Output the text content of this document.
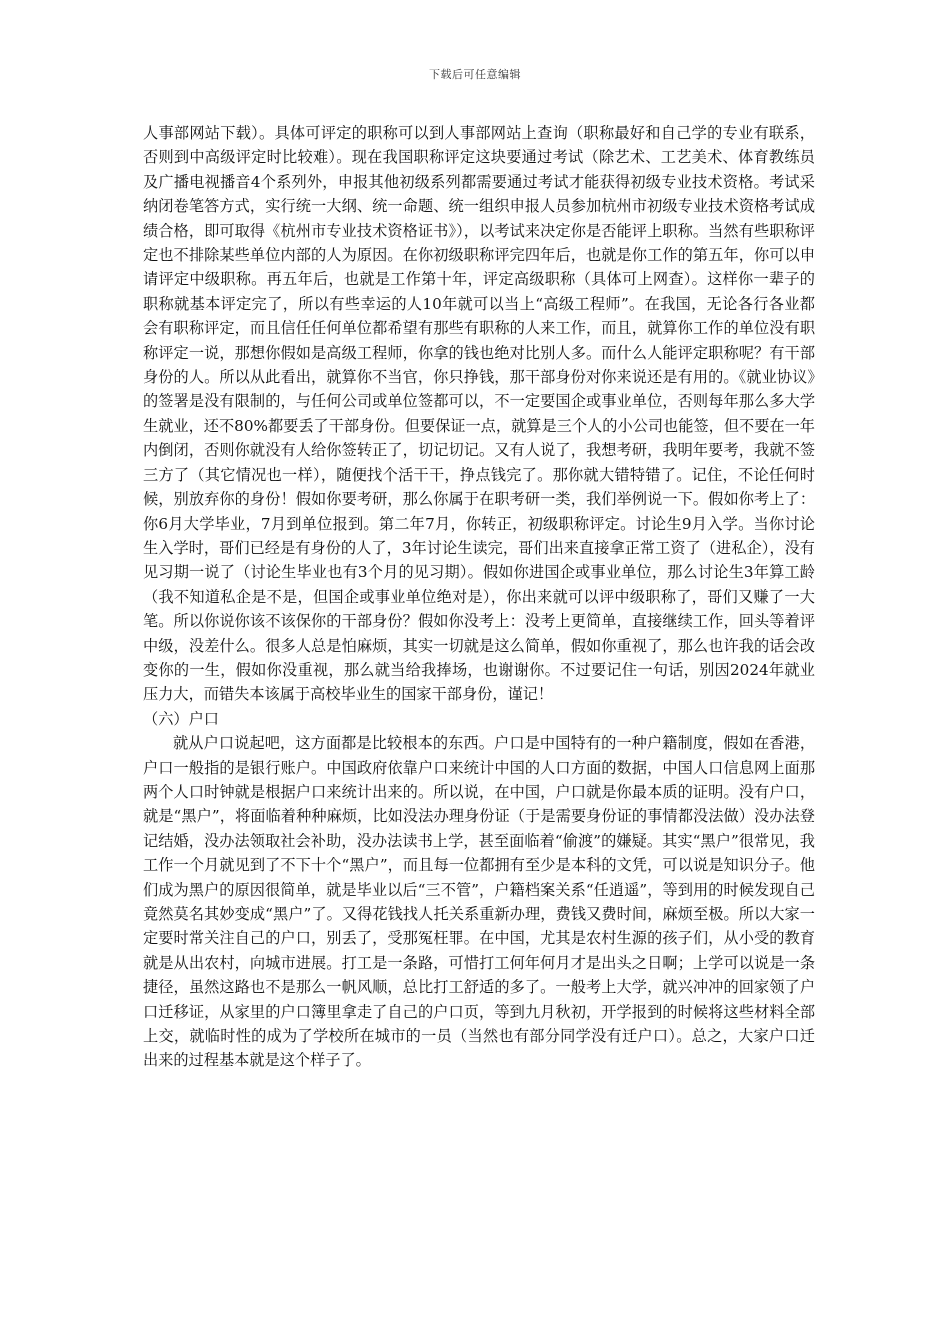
下载后可任意编辑

人事部网站下载）。具体可评定的职称可以到人事部网站上查询（职称最好和自己学的专业有联系，否则到中高级评定时比较难）。现在我国职称评定这块要通过考试（除艺术、工艺美术、体育教练员及广播电视播音4个系列外，申报其他初级系列都需要通过考试才能获得初级专业技术资格。考试采纳闭卷笔答方式，实行统一大纲、统一命题、统一组织申报人员参加杭州市初级专业技术资格考试成绩合格，即可取得《杭州市专业技术资格证书》），以考试来决定你是否能评上职称。当然有些职称评定也不排除某些单位内部的人为原因。在你初级职称评完四年后，也就是你工作的第五年，你可以申请评定中级职称。再五年后，也就是工作第十年，评定高级职称（具体可上网查）。这样你一辈子的职称就基本评定完了，所以有些幸运的人10年就可以当上“高级工程师”。在我国，无论各行各业都会有职称评定，而且信任任何单位都希望有那些有职称的人来工作，而且，就算你工作的单位没有职称评定一说，那想你假如是高级工程师，你拿的钱也绝对比别人多。而什么人能评定职称呢？有干部身份的人。所以从此看出，就算你不当官，你只挣钱，那干部身份对你来说还是有用的。《就业协议》的签署是没有限制的，与任何公司或单位签都可以，不一定要国企或事业单位，否则每年那么多大学生就业，还不80%都要丢了干部身份。但要保证一点，就算是三个人的小公司也能签，但不要在一年内倒闭，否则你就没有人给你签转正了，切记切记。又有人说了，我想考研，我明年要考，我就不签三方了（其它情况也一样），随便找个活干干，挣点钱完了。那你就大错特错了。记住，不论任何时候，别放弃你的身份！假如你要考研，那么你属于在职考研一类，我们举例说一下。假如你考上了：你6月大学毕业，7月到单位报到。第二年7月，你转正，初级职称评定。讨论生9月入学。当你讨论生入学时，哥们已经是有身份的人了，3年讨论生读完，哥们出来直接拿正常工资了（进私企），没有见习期一说了（讨论生毕业也有3个月的见习期）。假如你进国企或事业单位，那么讨论生3年算工龄（我不知道私企是不是，但国企或事业单位绝对是），你出来就可以评中级职称了，哥们又赚了一大笔。所以你说你该不该保你的干部身份？假如你没考上：没考上更简单，直接继续工作，回头等着评中级，没差什么。很多人总是怕麻烦，其实一切就是这么简单，假如你重视了，那么也许我的话会改变你的一生，假如你没重视，那么就当给我捧场，也谢谢你。不过要记住一句话，别因2024年就业压力大，而错失本该属于高校毕业生的国家干部身份，谨记！

（六）户口

就从户口说起吧，这方面都是比较根本的东西。户口是中国特有的一种户籍制度，假如在香港，户口一般指的是银行账户。中国政府依靠户口来统计中国的人口方面的数据，中国人口信息网上面那两个人口时钟就是根据户口来统计出来的。所以说，在中国，户口就是你最本质的证明。没有户口，就是“黑户”，将面临着种种麻烦，比如没法办理身份证（于是需要身份证的事情都没法做）没办法登记结婚，没办法领取社会补助，没办法读书上学，甚至面临着“偷渡”的嫌疑。其实“黑户”很常见，我工作一个月就见到了不下十个“黑户”，而且每一位都拥有至少是本科的文凭，可以说是知识分子。他们成为黑户的原因很简单，就是毕业以后“三不管”，户籍档案关系“任逍遥”，等到用的时候发现自己竟然莫名其妙变成“黑户”了。又得花钱找人托关系重新办理，费钱又费时间，麻烦至极。所以大家一定要时常关注自己的户口，别丢了，受那冤枉罪。在中国，尤其是农村生源的孩子们，从小受的教育就是从出农村，向城市进展。打工是一条路，可惜打工何年何月才是出头之日啊；上学可以说是一条捷径，虽然这路也不是那么一帆风顺，总比打工舒适的多了。一般考上大学，就兴冲冲的回家领了户口迁移证，从家里的户口簿里拿走了自己的户口页，等到九月秋初，开学报到的时候将这些材料全部上交，就临时性的成为了学校所在城市的一员（当然也有部分同学没有迁户口）。总之，大家户口迁出来的过程基本就是这个样子了。
